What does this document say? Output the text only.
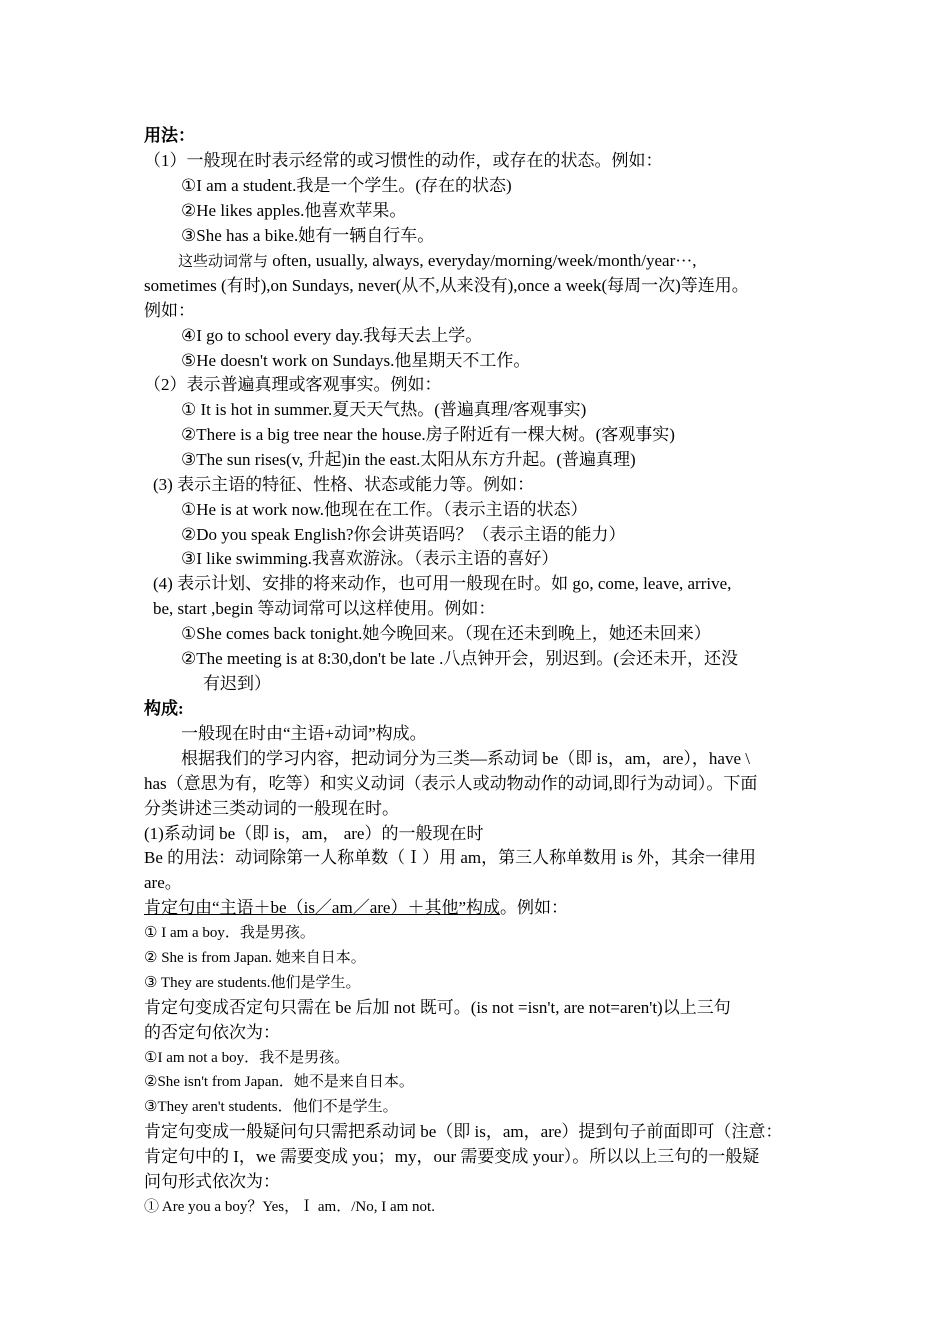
用法：
（1）一般现在时表示经常的或习惯性的动作，或存在的状态。例如：
①I am a student.我是一个学生。(存在的状态)
②He likes apples.他喜欢苹果。
③She has a bike.她有一辆自行车。
这些动词常与 often, usually, always, everyday/morning/week/month/year···,
sometimes (有时),on Sundays, never(从不,从来没有),once a week(每周一次)等连用。
例如：
④I go to school every day.我每天去上学。
⑤He doesn't work on Sundays.他星期天不工作。
（2）表示普遍真理或客观事实。例如：
① It is hot in summer.夏天天气热。(普遍真理/客观事实)
②There is a big tree near the house.房子附近有一棵大树。(客观事实)
③The sun rises(v, 升起)in the east.太阳从东方升起。(普遍真理)
(3) 表示主语的特征、性格、状态或能力等。例如：
①He is at work now.他现在在工作。（表示主语的状态）
②Do you speak English?你会讲英语吗？（表示主语的能力）
③I like swimming.我喜欢游泳。（表示主语的喜好）
(4) 表示计划、安排的将来动作，也可用一般现在时。如 go, come, leave, arrive,
be, start ,begin 等动词常可以这样使用。例如：
①She comes back tonight.她今晚回来。（现在还未到晚上，她还未回来）
②The meeting is at 8:30,don't be late .八点钟开会，别迟到。(会还未开，还没
有迟到）
构成:
一般现在时由“主语+动词”构成。
根据我们的学习内容，把动词分为三类—系动词 be（即 is，am，are），have \
has（意思为有，吃等）和实义动词（表示人或动物动作的动词,即行为动词）。下面
分类讲述三类动词的一般现在时。
(1)系动词 be（即 is，am， are）的一般现在时
Be 的用法：动词除第一人称单数（Ｉ）用 am，第三人称单数用 is 外，其余一律用
are。
肯定句由“主语＋be（is／am／are）＋其他”构成。例如：
① I am a boy．我是男孩。
② She is from Japan. 她来自日本。
③ They are students.他们是学生。
肯定句变成否定句只需在 be 后加 not 既可。(is not =isn't, are not=aren't)以上三句
的否定句依次为：
①I am not a boy．我不是男孩。
②She isn't from Japan．她不是来自日本。
③They aren't students．他们不是学生。
肯定句变成一般疑问句只需把系动词 be（即 is，am，are）提到句子前面即可（注意：
肯定句中的 I，we 需要变成 you；my，our 需要变成 your）。所以以上三句的一般疑
问句形式依次为：
① Are you a boy？Yes，Ｉ am．/No, I am not.
